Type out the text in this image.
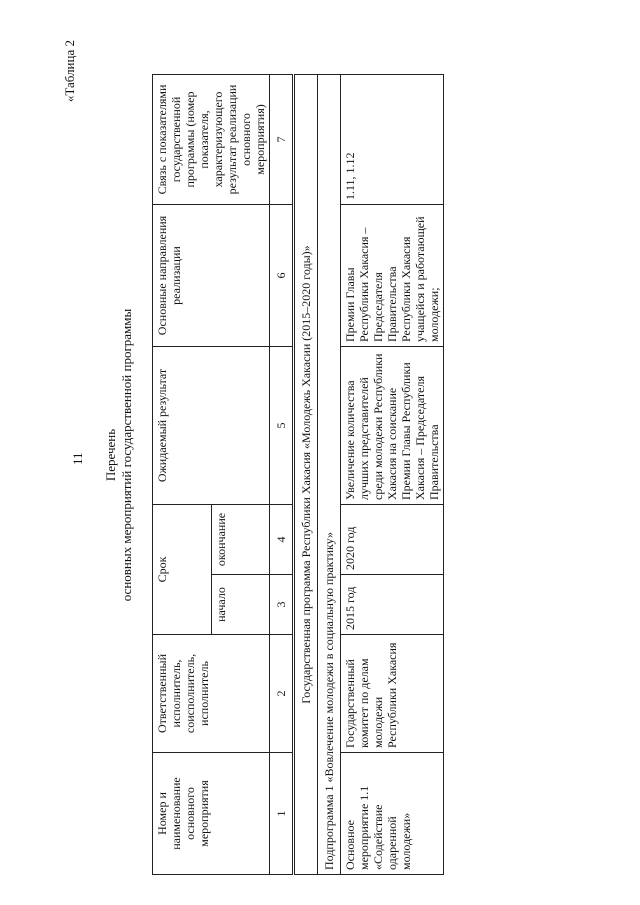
11
«Таблица 2
Перечень основных мероприятий государственной программы
Номер и наименование основного мероприятия	Ответственный исполнитель, соисполнитель, исполнитель	Срок		Ожидаемый результат	Основные направления реализации	Связь с показателями государственной программы (номер показателя, характеризующего результат реализации основного мероприятия)
		начало	окончание			
1	2	3	4	5	6	7
Государственная программа Республики Хакасия «Молодежь Хакасии (2015–2020 годы)»						
Подпрограмма 1 «Вовлечение молодежи в социальную практику»						
Основное мероприятие 1.1 «Содействие одаренной молодежи»	Государственный комитет по делам молодежи Республики Хакасия	2015 год	2020 год	Увеличение количества лучших представителей среди молодежи Республики Хакасия на соискание Премии Главы Республики Хакасия – Председателя Правительства	Премии Главы Республики Хакасия – Председателя Правительства Республики Хакасия учащейся и работающей молодежи;	1.11, 1.12
